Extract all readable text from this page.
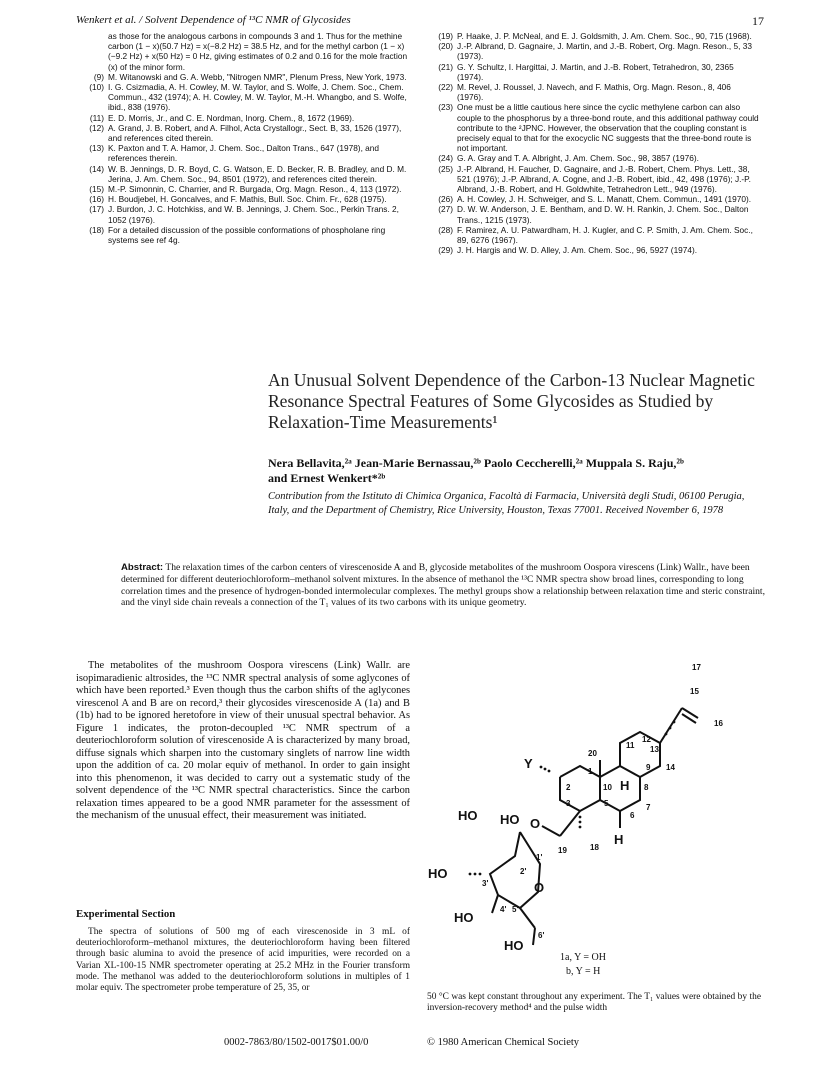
Wenkert et al. / Solvent Dependence of ¹³C NMR of Glycosides	17
as those for the analogous carbons in compounds 3 and 1. Thus for the methine carbon (1 − x)(50.7 Hz) = x(−8.2 Hz) = 38.5 Hz, and for the methyl carbon (1 − x)(−9.2 Hz) + x(50 Hz) = 0 Hz, giving estimates of 0.2 and 0.16 for the mole fraction (x) of the minor form.
(9) M. Witanowski and G. A. Webb, "Nitrogen NMR", Plenum Press, New York, 1973.
(10) I. G. Csizmadia, A. H. Cowley, M. W. Taylor, and S. Wolfe, J. Chem. Soc., Chem. Commun., 432 (1974); A. H. Cowley, M. W. Taylor, M.-H. Whangbo, and S. Wolfe, ibid., 838 (1976).
(11) E. D. Morris, Jr., and C. E. Nordman, Inorg. Chem., 8, 1672 (1969).
(12) A. Grand, J. B. Robert, and A. Filhol, Acta Crystallogr., Sect. B, 33, 1526 (1977), and references cited therein.
(13) K. Paxton and T. A. Hamor, J. Chem. Soc., Dalton Trans., 647 (1978), and references therein.
(14) W. B. Jennings, D. R. Boyd, C. G. Watson, E. D. Becker, R. B. Bradley, and D. M. Jerina, J. Am. Chem. Soc., 94, 8501 (1972), and references cited therein.
(15) M.-P. Simonnin, C. Charrier, and R. Burgada, Org. Magn. Reson., 4, 113 (1972).
(16) H. Boudjebel, H. Goncalves, and F. Mathis, Bull. Soc. Chim. Fr., 628 (1975).
(17) J. Burdon, J. C. Hotchkiss, and W. B. Jennings, J. Chem. Soc., Perkin Trans. 2, 1052 (1976).
(18) For a detailed discussion of the possible conformations of phospholane ring systems see ref 4g.
(19) P. Haake, J. P. McNeal, and E. J. Goldsmith, J. Am. Chem. Soc., 90, 715 (1968).
(20) J.-P. Albrand, D. Gagnaire, J. Martin, and J.-B. Robert, Org. Magn. Reson., 5, 33 (1973).
(21) G. Y. Schultz, I. Hargittai, J. Martin, and J.-B. Robert, Tetrahedron, 30, 2365 (1974).
(22) M. Revel, J. Roussel, J. Navech, and F. Mathis, Org. Magn. Reson., 8, 406 (1976).
(23) One must be a little cautious here since the cyclic methylene carbon can also couple to the phosphorus by a three-bond route, and this additional pathway could contribute to the ²JPNC. However, the observation that the coupling constant is precisely equal to that for the exocyclic NC suggests that the three-bond route is not important.
(24) G. A. Gray and T. A. Albright, J. Am. Chem. Soc., 98, 3857 (1976).
(25) J.-P. Albrand, H. Faucher, D. Gagnaire, and J.-B. Robert, Chem. Phys. Lett., 38, 521 (1976); J.-P. Albrand, A. Cogne, and J.-B. Robert, ibid., 42, 498 (1976); J.-P. Albrand, J.-B. Robert, and H. Goldwhite, Tetrahedron Lett., 949 (1976).
(26) A. H. Cowley, J. H. Schweiger, and S. L. Manatt, Chem. Commun., 1491 (1970).
(27) D. W. W. Anderson, J. E. Bentham, and D. W. H. Rankin, J. Chem. Soc., Dalton Trans., 1215 (1973).
(28) F. Ramirez, A. U. Patwardham, H. J. Kugler, and C. P. Smith, J. Am. Chem. Soc., 89, 6276 (1967).
(29) J. H. Hargis and W. D. Alley, J. Am. Chem. Soc., 96, 5927 (1974).
An Unusual Solvent Dependence of the Carbon-13 Nuclear Magnetic Resonance Spectral Features of Some Glycosides as Studied by Relaxation-Time Measurements¹
Nera Bellavita,²ᵃ Jean-Marie Bernassau,²ᵇ Paolo Ceccherelli,²ᵃ Muppala S. Raju,²ᵇ
and Ernest Wenkert*²ᵇ
Contribution from the Istituto di Chimica Organica, Facoltà di Farmacia, Università degli Studi, 06100 Perugia, Italy, and the Department of Chemistry, Rice University, Houston, Texas 77001. Received November 6, 1978
Abstract: The relaxation times of the carbon centers of virescenoside A and B, glycoside metabolites of the mushroom Oospora virescens (Link) Wallr., have been determined for different deuteriochloroform–methanol solvent mixtures. In the absence of methanol the ¹³C NMR spectra show broad lines, corresponding to long correlation times and the presence of hydrogen-bonded intermolecular complexes. The methyl groups show a relationship between relaxation time and steric constraint, and the vinyl side chain reveals a connection of the T₁ values of its two carbons with its unique geometry.

The metabolites of the mushroom Oospora virescens (Link) Wallr. are isopimaradienic altrosides, the ¹³C NMR spectral analysis of some aglycones of which have been reported.³ Even though thus the carbon shifts of the aglycones virescenol A and B are on record,³ their glycosides virescenoside A (1a) and B (1b) had to be ignored heretofore in view of their unusual spectral behavior. As Figure 1 indicates, the proton-decoupled ¹³C NMR spectrum of a deuteriochloroform solution of virescenoside A is characterized by many broad, diffuse signals which sharpen into the customary singlets of narrow line width upon the addition of ca. 20 molar equiv of methanol. In order to gain insight into this phenomenon, it was decided to carry out a systematic study of the solvent dependence of the ¹³C NMR spectral characteristics. Since the carbon relaxation times appeared to be a good NMR parameter for the assessment of the mechanism of the unusual effect, their measurement was initiated.

Experimental Section
The spectra of solutions of 500 mg of each virescenoside in 3 mL of deuteriochloroform–methanol mixtures, the deuteriochloroform having been filtered through basic alumina to avoid the presence of acid impurities, were recorded on a Varian XL-100-15 NMR spectrometer operating at 25.2 MHz in the Fourier transform mode. The methanol was added to the deuteriochloroform solutions in multiples of 1 molar equiv. The spectrometer probe temperature of 25, 35, or
17
15
16
20
11
12
13
14
1
10	8
9
2
3	5
6
7
19	18
1'
2'
3'
4' 5'
6'
Y
H
H
HO
HO
O
HO
O
HO
HO
1a, Y = OH
b, Y = H
50 °C was kept constant throughout any experiment. The T₁ values were obtained by the inversion-recovery method⁴ and the pulse width
0002-7863/80/1502-0017$01.00/0	© 1980 American Chemical Society
